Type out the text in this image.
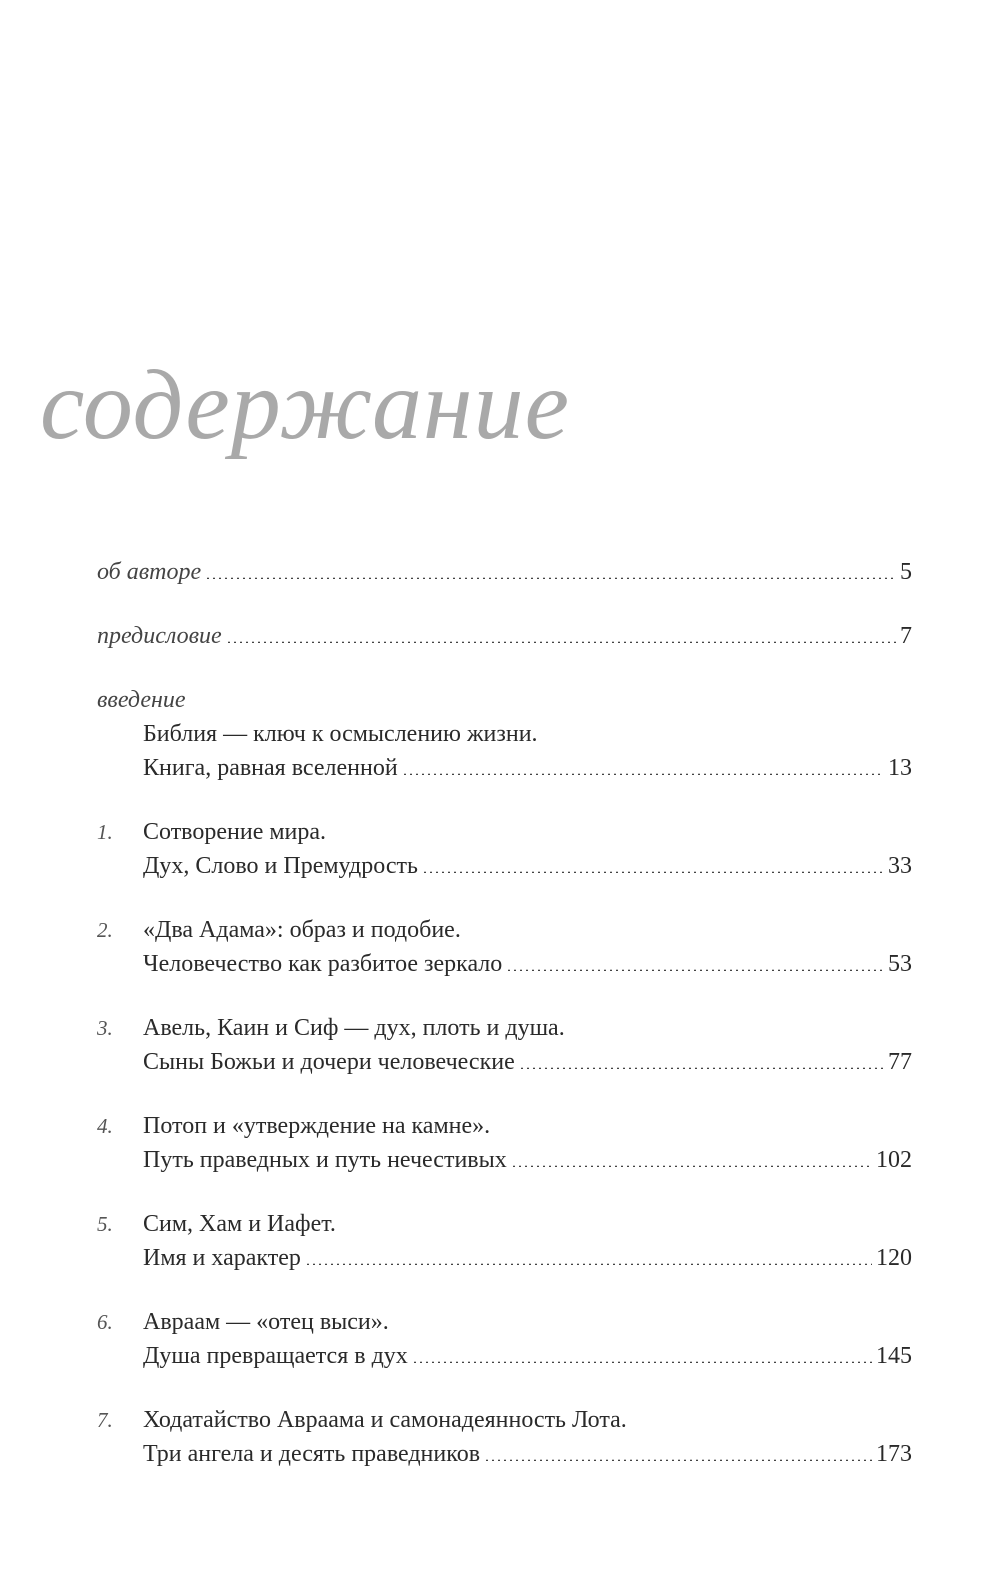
содержание
об авторе	5
предисловие	7
введение
Библия — ключ к осмыслению жизни.
Книга, равная вселенной	13
1.	Сотворение мира.
Дух, Слово и Премудрость	33
2.	«Два Адама»: образ и подобие.
Человечество как разбитое зеркало	53
3.	Авель, Каин и Сиф — дух, плоть и душа.
Сыны Божьи и дочери человеческие	77
4.	Потоп и «утверждение на камне».
Путь праведных и путь нечестивых	102
5.	Сим, Хам и Иафет.
Имя и характер	120
6.	Авраам — «отец выси».
Душа превращается в дух	145
7.	Ходатайство Авраама и самонадеянность Лота.
Три ангела и десять праведников	173
